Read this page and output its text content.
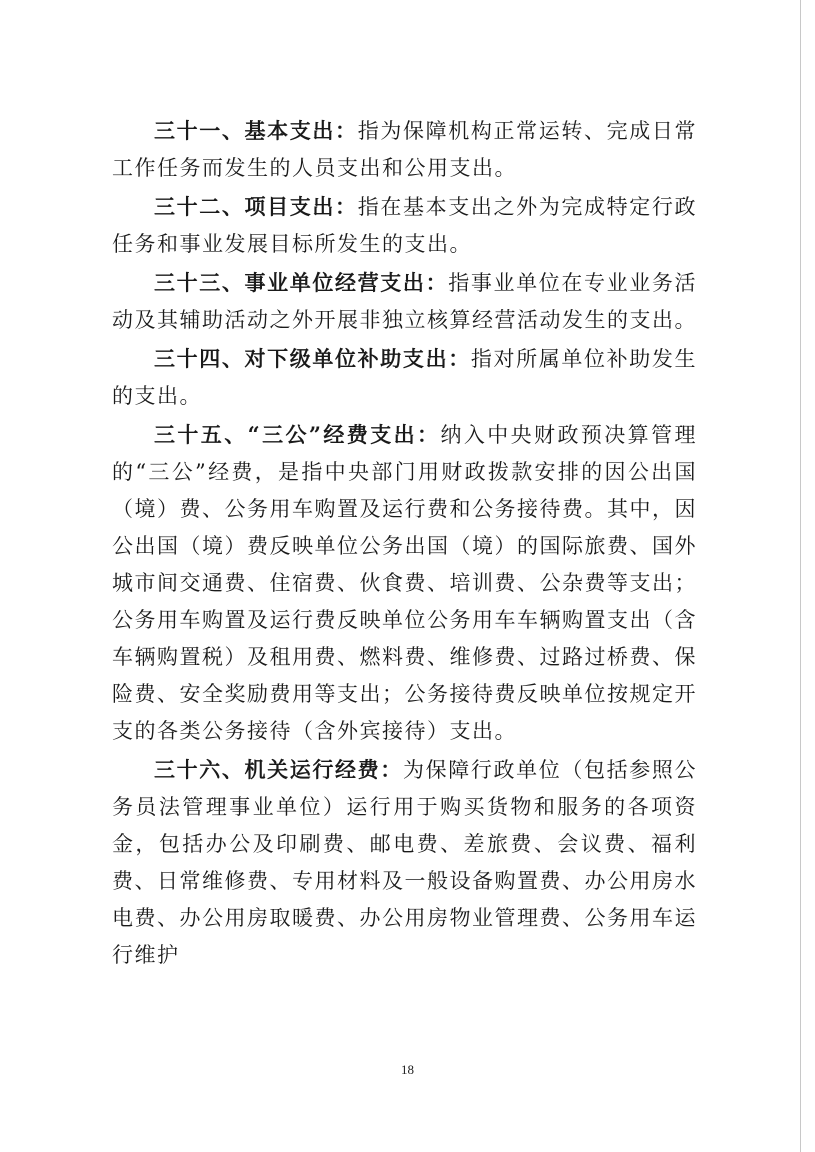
三十一、基本支出：指为保障机构正常运转、完成日常工作任务而发生的人员支出和公用支出。

三十二、项目支出：指在基本支出之外为完成特定行政任务和事业发展目标所发生的支出。

三十三、事业单位经营支出：指事业单位在专业业务活动及其辅助活动之外开展非独立核算经营活动发生的支出。

三十四、对下级单位补助支出：指对所属单位补助发生的支出。

三十五、“三公”经费支出：纳入中央财政预决算管理的“三公”经费，是指中央部门用财政拨款安排的因公出国（境）费、公务用车购置及运行费和公务接待费。其中，因公出国（境）费反映单位公务出国（境）的国际旅费、国外城市间交通费、住宿费、伙食费、培训费、公杂费等支出；公务用车购置及运行费反映单位公务用车车辆购置支出（含车辆购置税）及租用费、燃料费、维修费、过路过桥费、保险费、安全奖励费用等支出；公务接待费反映单位按规定开支的各类公务接待（含外宾接待）支出。

三十六、机关运行经费：为保障行政单位（包括参照公务员法管理事业单位）运行用于购买货物和服务的各项资金，包括办公及印刷费、邮电费、差旅费、会议费、福利费、日常维修费、专用材料及一般设备购置费、办公用房水电费、办公用房取暖费、办公用房物业管理费、公务用车运行维护

18
